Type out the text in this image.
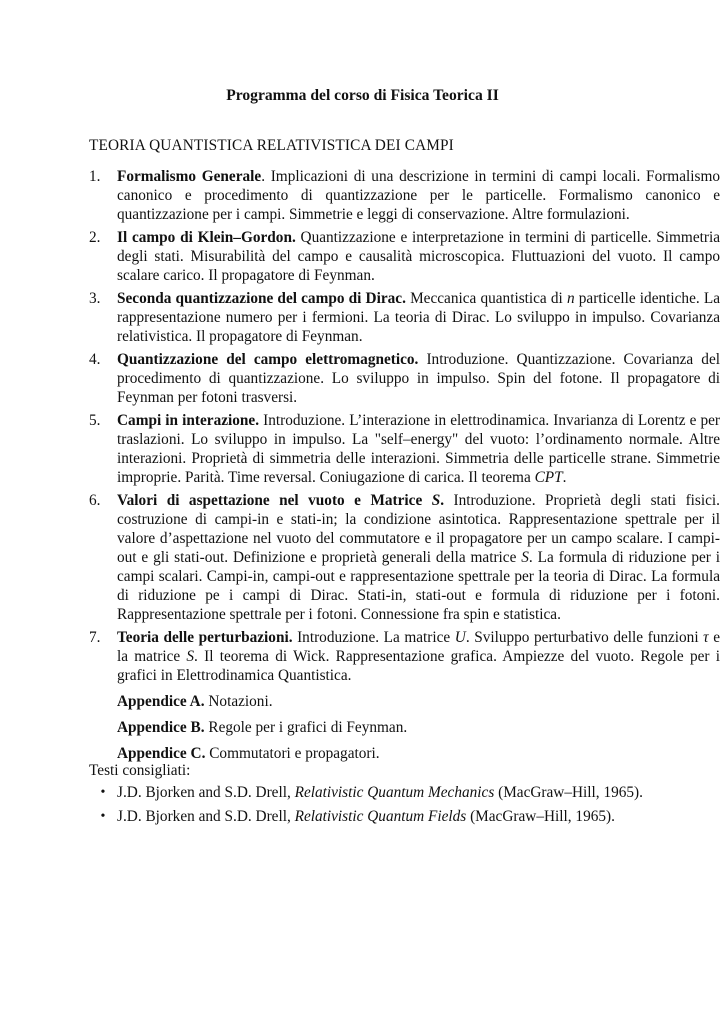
Programma del corso di Fisica Teorica II
TEORIA QUANTISTICA RELATIVISTICA DEI CAMPI
1. Formalismo Generale. Implicazioni di una descrizione in termini di campi locali. Formalismo canonico e procedimento di quantizzazione per le particelle. Formalismo canonico e quantizzazione per i campi. Simmetrie e leggi di conservazione. Altre formulazioni.
2. Il campo di Klein–Gordon. Quantizzazione e interpretazione in termini di particelle. Simmetria degli stati. Misurabilità del campo e causalità microscopica. Fluttuazioni del vuoto. Il campo scalare carico. Il propagatore di Feynman.
3. Seconda quantizzazione del campo di Dirac. Meccanica quantistica di n particelle identiche. La rappresentazione numero per i fermioni. La teoria di Dirac. Lo sviluppo in impulso. Covarianza relativistica. Il propagatore di Feynman.
4. Quantizzazione del campo elettromagnetico. Introduzione. Quantizzazione. Covarianza del procedimento di quantizzazione. Lo sviluppo in impulso. Spin del fotone. Il propagatore di Feynman per fotoni trasversi.
5. Campi in interazione. Introduzione. L’interazione in elettrodinamica. Invarianza di Lorentz e per traslazioni. Lo sviluppo in impulso. La "self–energy" del vuoto: l’ordinamento normale. Altre interazioni. Proprietà di simmetria delle interazioni. Simmetria delle particelle strane. Simmetrie improprie. Parità. Time reversal. Coniugazione di carica. Il teorema CPT.
6. Valori di aspettazione nel vuoto e Matrice S. Introduzione. Proprietà degli stati fisici. costruzione di campi-in e stati-in; la condizione asintotica. Rappresentazione spettrale per il valore d’aspettazione nel vuoto del commutatore e il propagatore per un campo scalare. I campi-out e gli stati-out. Definizione e proprietà generali della matrice S. La formula di riduzione per i campi scalari. Campi-in, campi-out e rappresentazione spettrale per la teoria di Dirac. La formula di riduzione pe i campi di Dirac. Stati-in, stati-out e formula di riduzione per i fotoni. Rappresentazione spettrale per i fotoni. Connessione fra spin e statistica.
7. Teoria delle perturbazioni. Introduzione. La matrice U. Sviluppo perturbativo delle funzioni τ e la matrice S. Il teorema di Wick. Rappresentazione grafica. Ampiezze del vuoto. Regole per i grafici in Elettrodinamica Quantistica.
Appendice A. Notazioni.
Appendice B. Regole per i grafici di Feynman.
Appendice C. Commutatori e propagatori.
Testi consigliati:
• J.D. Bjorken and S.D. Drell, Relativistic Quantum Mechanics (MacGraw–Hill, 1965).
• J.D. Bjorken and S.D. Drell, Relativistic Quantum Fields (MacGraw–Hill, 1965).
